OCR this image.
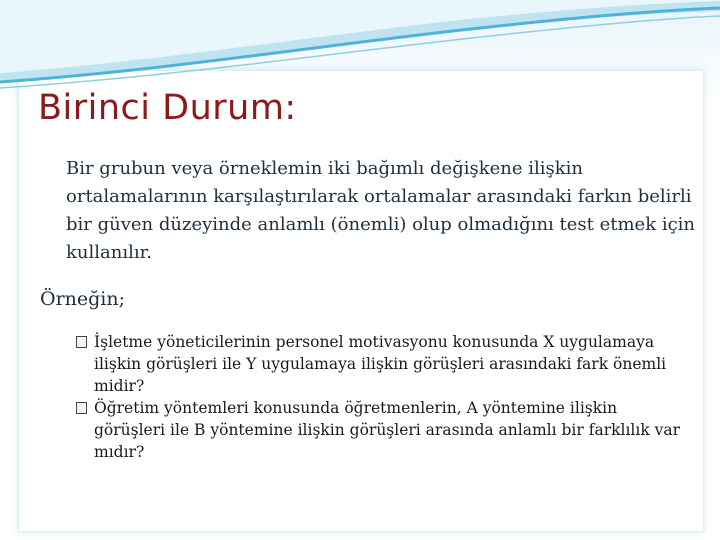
Birinci Durum:

Bir grubun veya örneklemin iki bağımlı değişkene ilişkin ortalamalarının karşılaştırılarak ortalamalar arasındaki farkın belirli bir güven düzeyinde anlamlı (önemli) olup olmadığını test etmek için kullanılır.

Örneğin;

İşletme yöneticilerinin personel motivasyonu konusunda X uygulamaya ilişkin görüşleri ile Y uygulamaya ilişkin görüşleri arasındaki fark önemli midir?
Öğretim yöntemleri konusunda öğretmenlerin, A yöntemine ilişkin görüşleri ile B yöntemine ilişkin görüşleri arasında anlamlı bir farklılık var mıdır?
